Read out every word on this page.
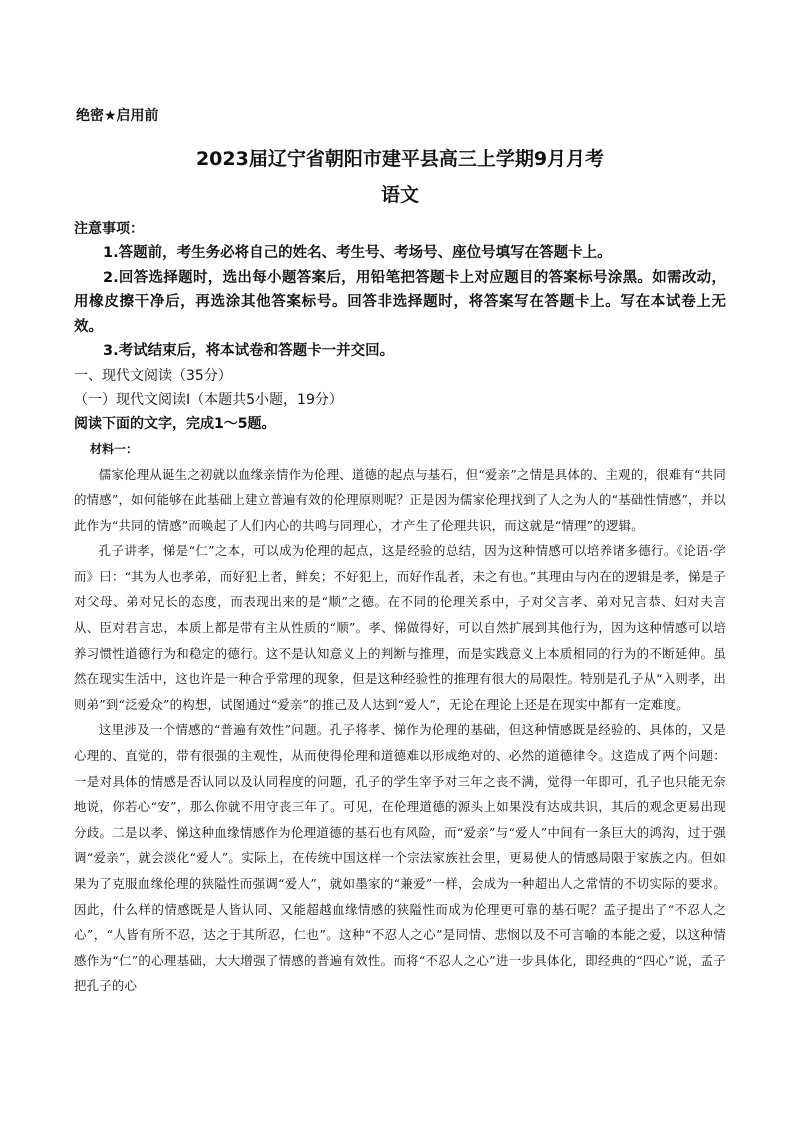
绝密★启用前

2023届辽宁省朝阳市建平县高三上学期9月月考
语文

注意事项：

1.答题前，考生务必将自己的姓名、考生号、考场号、座位号填写在答题卡上。

2.回答选择题时，选出每小题答案后，用铅笔把答题卡上对应题目的答案标号涂黑。如需改动，用橡皮擦干净后，再选涂其他答案标号。回答非选择题时，将答案写在答题卡上。写在本试卷上无效。

3.考试结束后，将本试卷和答题卡一并交回。

一、现代文阅读（35分）

（一）现代文阅读Ⅰ（本题共5小题，19分）

阅读下面的文字，完成1～5题。

材料一：

儒家伦理从诞生之初就以血缘亲情作为伦理、道德的起点与基石，但“爱亲”之情是具体的、主观的，很难有“共同的情感”，如何能够在此基础上建立普遍有效的伦理原则呢？正是因为儒家伦理找到了人之为人的“基础性情感”，并以此作为“共同的情感”而唤起了人们内心的共鸣与同理心，才产生了伦理共识，而这就是“情理”的逻辑。

孔子讲孝，悌是“仁”之本，可以成为伦理的起点，这是经验的总结，因为这种情感可以培养诸多德行。《论语·学而》曰：“其为人也孝弟，而好犯上者，鲜矣；不好犯上，而好作乱者，未之有也。”其理由与内在的逻辑是孝，悌是子对父母、弟对兄长的态度，而表现出来的是“顺”之德。在不同的伦理关系中，子对父言孝、弟对兄言恭、妇对夫言从、臣对君言忠，本质上都是带有主从性质的“顺”。孝、悌做得好，可以自然扩展到其他行为，因为这种情感可以培养习惯性道德行为和稳定的德行。这不是认知意义上的判断与推理，而是实践意义上本质相同的行为的不断延伸。虽然在现实生活中，这也许是一种合乎常理的现象，但是这种经验性的推理有很大的局限性。特别是孔子从“入则孝，出则弟”到“泛爱众”的构想，试图通过“爱亲”的推己及人达到“爱人”，无论在理论上还是在现实中都有一定难度。

这里涉及一个情感的“普遍有效性”问题。孔子将孝、悌作为伦理的基础，但这种情感既是经验的、具体的，又是心理的、直觉的，带有很强的主观性，从而使得伦理和道德难以形成绝对的、必然的道德律令。这造成了两个问题：一是对具体的情感是否认同以及认同程度的问题，孔子的学生宰予对三年之丧不满，觉得一年即可，孔子也只能无奈地说，你若心“安”，那么你就不用守丧三年了。可见，在伦理道德的源头上如果没有达成共识，其后的观念更易出现分歧。二是以孝、悌这种血缘情感作为伦理道德的基石也有风险，而“爱亲”与“爱人”中间有一条巨大的鸿沟，过于强调“爱亲”，就会淡化“爱人”。实际上，在传统中国这样一个宗法家族社会里，更易使人的情感局限于家族之内。但如果为了克服血缘伦理的狭隘性而强调“爱人”，就如墨家的“兼爱”一样，会成为一种超出人之常情的不切实际的要求。因此，什么样的情感既是人皆认同、又能超越血缘情感的狭隘性而成为伦理更可靠的基石呢？孟子提出了“不忍人之心”，“人皆有所不忍，达之于其所忍，仁也”。这种“不忍人之心”是同情、悲悯以及不可言喻的本能之爱，以这种情感作为“仁”的心理基础，大大增强了情感的普遍有效性。而将“不忍人之心”进一步具体化，即经典的“四心”说，孟子把孔子的心
